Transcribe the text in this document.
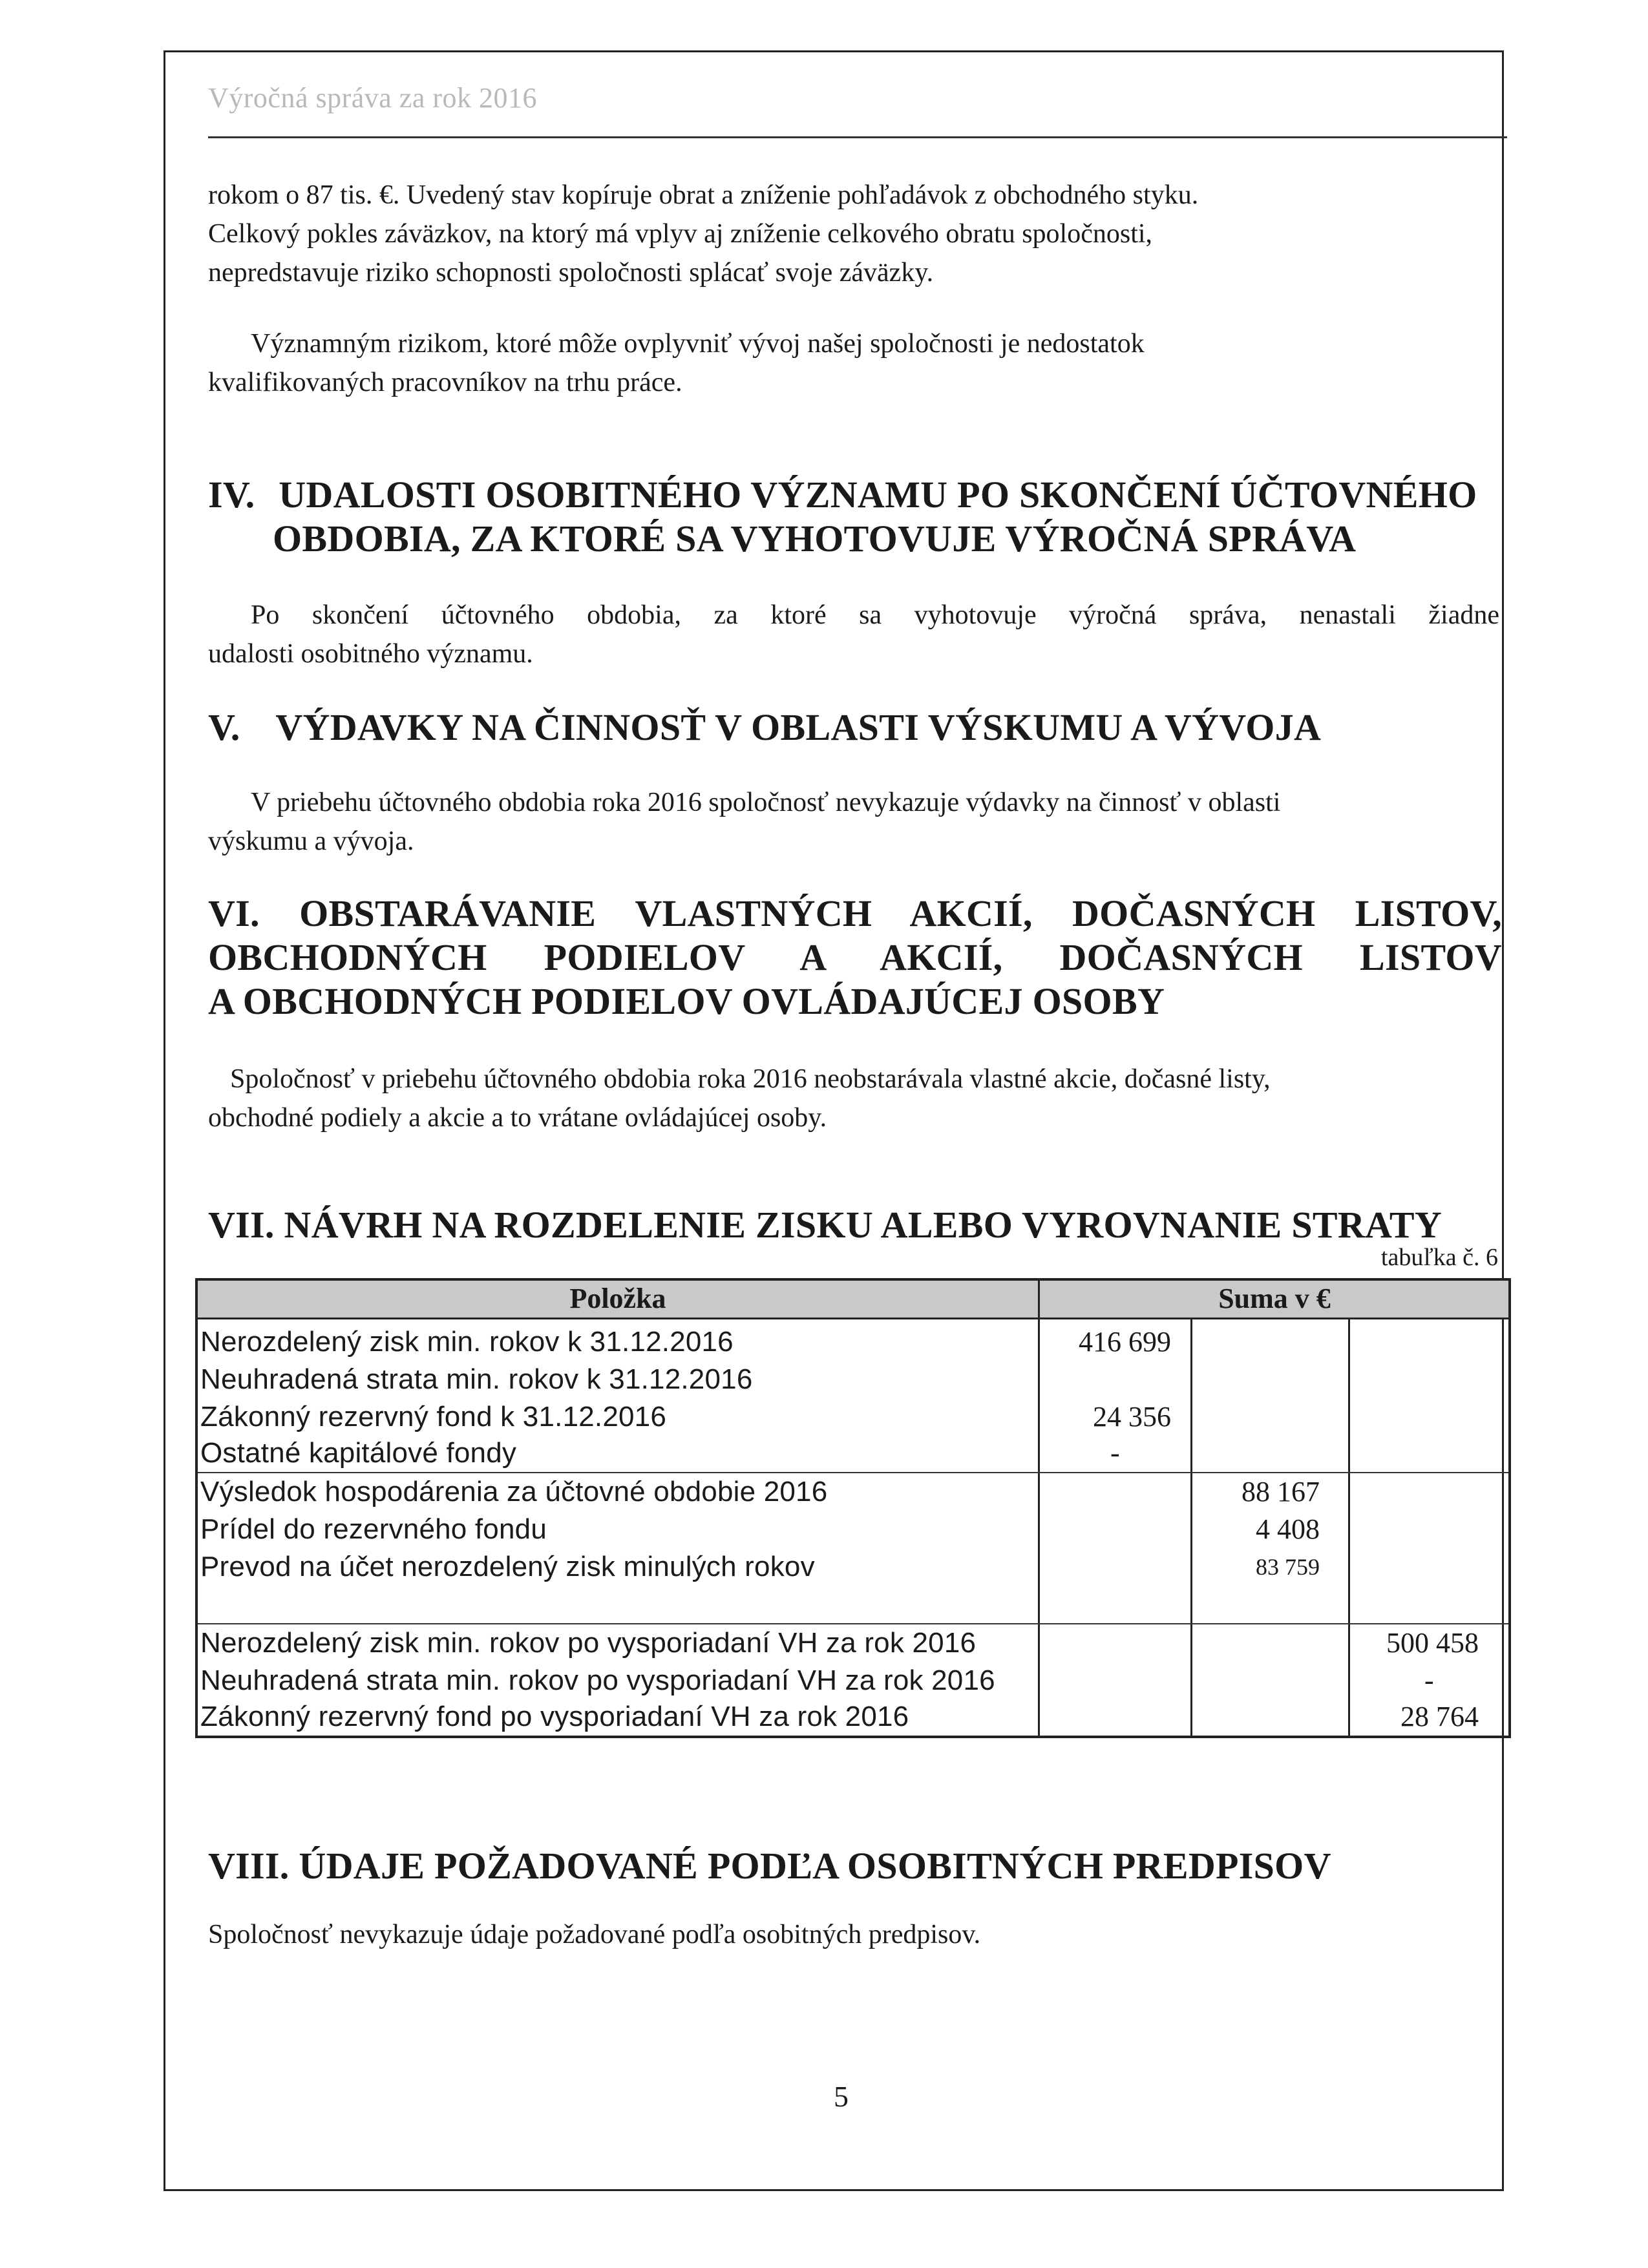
Výročná správa za rok 2016

rokom o 87 tis. €. Uvedený stav kopíruje obrat a zníženie pohľadávok z obchodného styku.

Celkový pokles záväzkov, na ktorý má vplyv aj zníženie celkového obratu spoločnosti,

nepredstavuje riziko schopnosti spoločnosti splácať svoje záväzky.

Významným rizikom, ktoré môže ovplyvniť vývoj našej spoločnosti je nedostatok

kvalifikovaných pracovníkov na trhu práce.

IV. UDALOSTI OSOBITNÉHO VÝZNAMU PO SKONČENÍ ÚČTOVNÉHO
OBDOBIA, ZA KTORÉ SA VYHOTOVUJE VÝROČNÁ SPRÁVA

Po skončení účtovného obdobia, za ktoré sa vyhotovuje výročná správa, nenastali žiadne

udalosti osobitného významu.

V. VÝDAVKY NA ČINNOSŤ V OBLASTI VÝSKUMU A VÝVOJA

V priebehu účtovného obdobia roka 2016 spoločnosť nevykazuje výdavky na činnosť v oblasti

výskumu a vývoja.

VI. OBSTARÁVANIE VLASTNÝCH AKCIÍ, DOČASNÝCH LISTOV,
OBCHODNÝCH PODIELOV A AKCIÍ, DOČASNÝCH LISTOV
A OBCHODNÝCH PODIELOV OVLÁDAJÚCEJ OSOBY

Spoločnosť v priebehu účtovného obdobia roka 2016 neobstarávala vlastné akcie, dočasné listy,

obchodné podiely a akcie a to vrátane ovládajúcej osoby.

VII. NÁVRH NA ROZDELENIE ZISKU ALEBO VYROVNANIE STRATY
tabuľka č. 6
Položka	Suma v €
Nerozdelený zisk min. rokov k 31.12.2016
Neuhradená strata min. rokov k 31.12.2016
Zákonný rezervný fond k 31.12.2016
Ostatné kapitálové fondy
416 699
24 356
-
Výsledok hospodárenia za účtovné obdobie 2016
Prídel do rezervného fondu
Prevod na účet nerozdelený zisk minulých rokov
88 167
4 408
83 759
Nerozdelený zisk min. rokov po vysporiadaní VH za rok 2016
Neuhradená strata min. rokov po vysporiadaní VH za rok 2016
Zákonný rezervný fond po vysporiadaní VH za rok 2016
500 458
-
28 764
VIII. ÚDAJE POŽADOVANÉ PODĽA OSOBITNÝCH PREDPISOV

Spoločnosť nevykazuje údaje požadované podľa osobitných predpisov.

5
